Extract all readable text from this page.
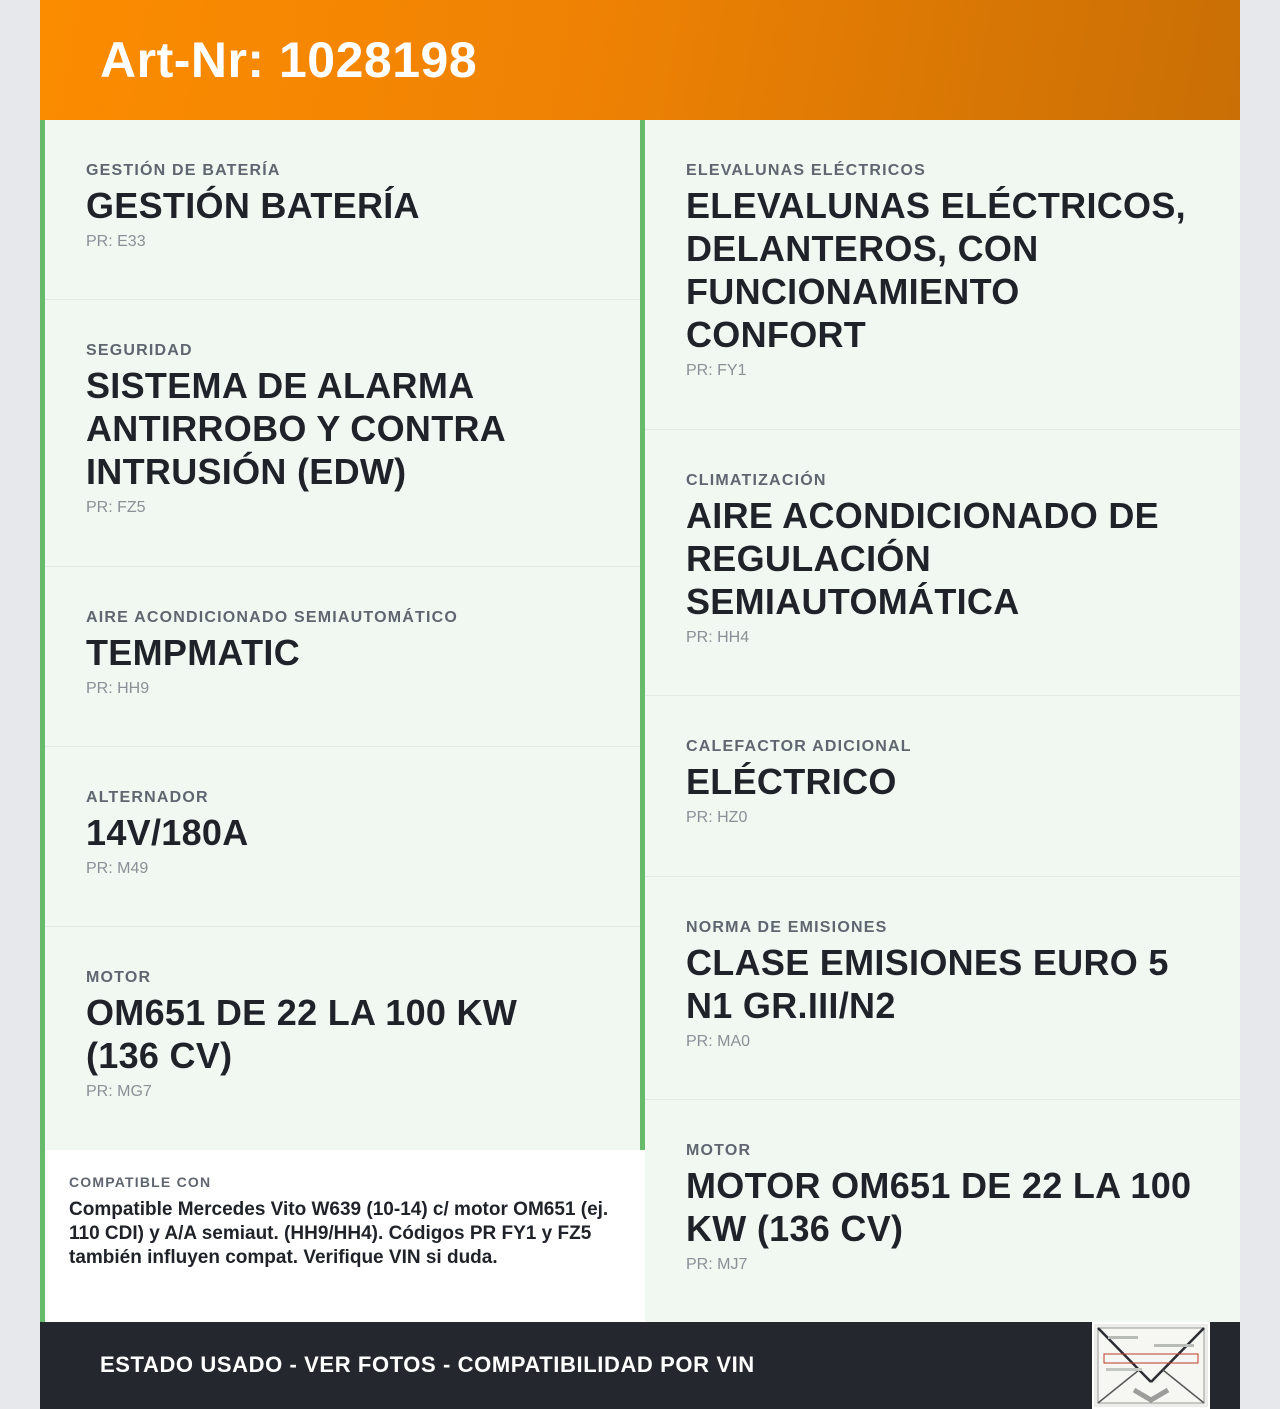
Art-Nr: 1028198
GESTIÓN DE BATERÍA
GESTIÓN BATERÍA
PR: E33
SEGURIDAD
SISTEMA DE ALARMA ANTIRROBO Y CONTRA INTRUSIÓN (EDW)
PR: FZ5
AIRE ACONDICIONADO SEMIAUTOMÁTICO
TEMPMATIC
PR: HH9
ALTERNADOR
14V/180A
PR: M49
MOTOR
OM651 DE 22 LA 100 KW (136 CV)
PR: MG7
COMPATIBLE CON
Compatible Mercedes Vito W639 (10-14) c/ motor OM651 (ej. 110 CDI) y A/A semiaut. (HH9/HH4). Códigos PR FY1 y FZ5 también influyen compat. Verifique VIN si duda.
ELEVALUNAS ELÉCTRICOS
ELEVALUNAS ELÉCTRICOS, DELANTEROS, CON FUNCIONAMIENTO CONFORT
PR: FY1
CLIMATIZACIÓN
AIRE ACONDICIONADO DE REGULACIÓN SEMIAUTOMÁTICA
PR: HH4
CALEFACTOR ADICIONAL
ELÉCTRICO
PR: HZ0
NORMA DE EMISIONES
CLASE EMISIONES EURO 5 N1 GR.III/N2
PR: MA0
MOTOR
MOTOR OM651 DE 22 LA 100 KW (136 CV)
PR: MJ7
ESTADO USADO - VER FOTOS - COMPATIBILIDAD POR VIN
